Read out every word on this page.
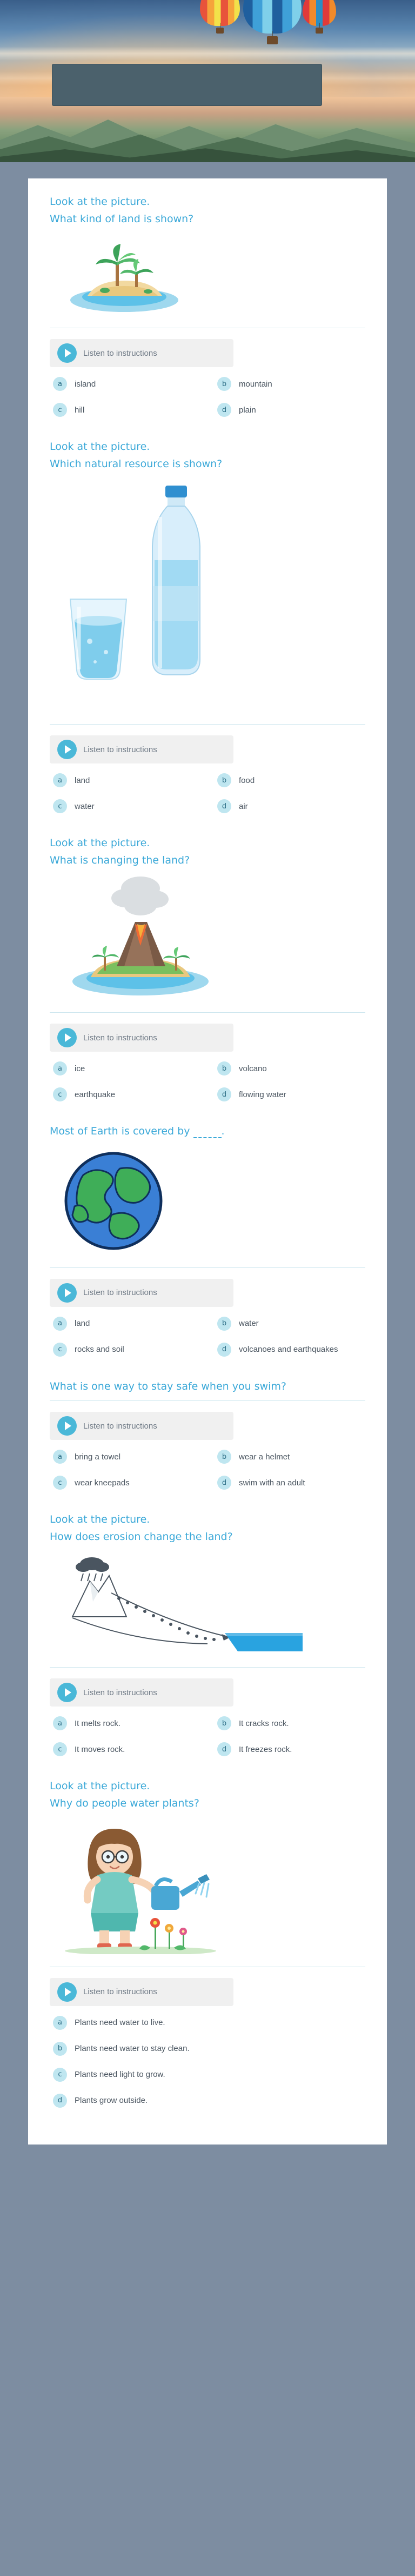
Look at the picture.

What kind of land is shown?

Listen to instructions
a	island	b	mountain
c	hill	d	plain

Look at the picture.

Which natural resource is shown?

Listen to instructions
a	land	b	food
c	water	d	air

Look at the picture.

What is changing the land?

Listen to instructions
a	ice	b	volcano
c	earthquake	d	flowing water

Most of Earth is covered by	.

Listen to instructions
a	land	b	water
c	rocks and soil	d	volcanoes and earthquakes

What is one way to stay safe when you swim?

Listen to instructions
a	bring a towel	b	wear a helmet
c	wear kneepads	d	swim with an adult

Look at the picture.

How does erosion change the land?

Listen to instructions
a	It melts rock.	b	It cracks rock.
c	It moves rock.	d	It freezes rock.

Look at the picture.

Why do people water plants?

Listen to instructions
a	Plants need water to live.
b	Plants need water to stay clean.
c	Plants need light to grow.
d	Plants grow outside.
